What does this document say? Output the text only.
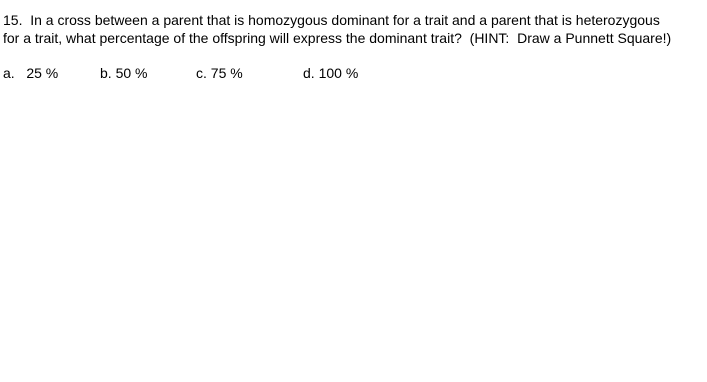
15.  In a cross between a parent that is homozygous dominant for a trait and a parent that is heterozygous
for a trait, what percentage of the offspring will express the dominant trait?  (HINT:  Draw a Punnett Square!)
a.   25 %	b. 50 %	c. 75 %	d. 100 %
